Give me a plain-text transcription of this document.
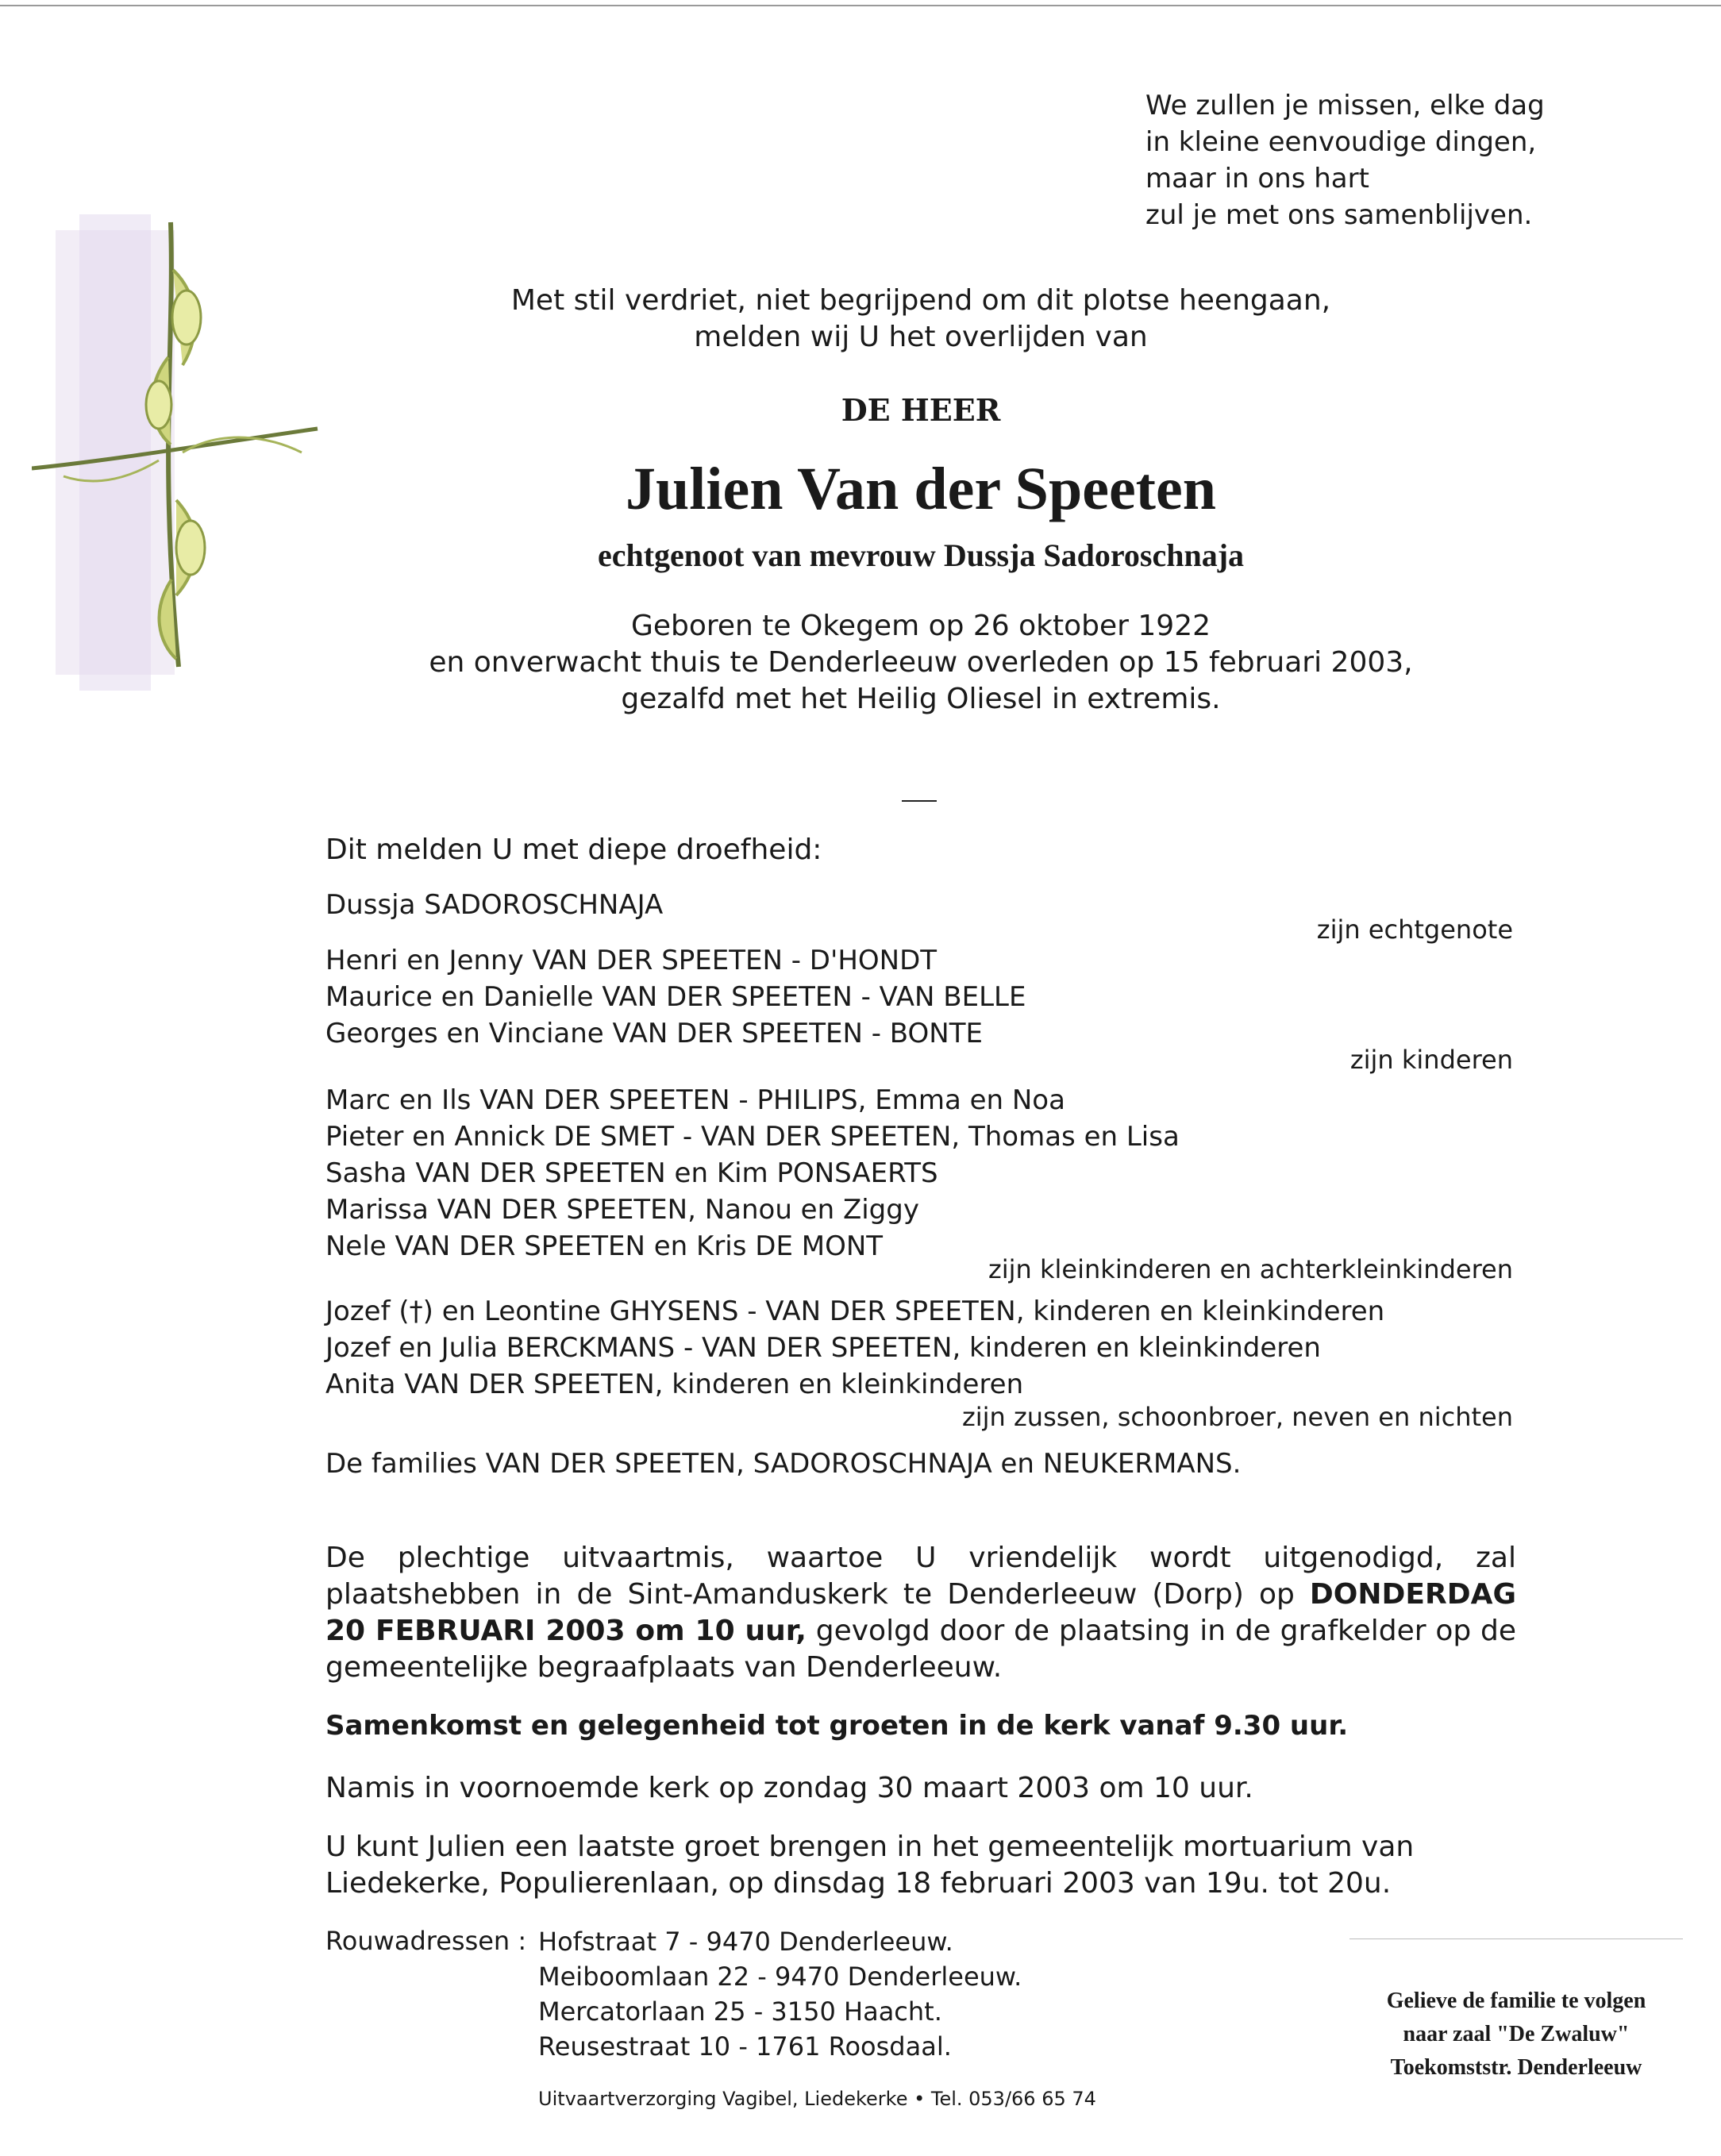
We zullen je missen, elke dag
in kleine eenvoudige dingen,
maar in ons hart
zul je met ons samenblijven.
Met stil verdriet, niet begrijpend om dit plotse heengaan,
melden wij U het overlijden van
DE HEER
Julien Van der Speeten
echtgenoot van mevrouw Dussja Sadoroschnaja
Geboren te Okegem op 26 oktober 1922
en onverwacht thuis te Denderleeuw overleden op 15 februari 2003,
gezalfd met het Heilig Oliesel in extremis.
Dit melden U met diepe droefheid:
Dussja SADOROSCHNAJA
zijn echtgenote
Henri en Jenny VAN DER SPEETEN - D'HONDT
Maurice en Danielle VAN DER SPEETEN - VAN BELLE
Georges en Vinciane VAN DER SPEETEN - BONTE
zijn kinderen
Marc en Ils VAN DER SPEETEN - PHILIPS, Emma en Noa
Pieter en Annick DE SMET - VAN DER SPEETEN, Thomas en Lisa
Sasha VAN DER SPEETEN en Kim PONSAERTS
Marissa VAN DER SPEETEN, Nanou en Ziggy
Nele VAN DER SPEETEN en Kris DE MONT
zijn kleinkinderen en achterkleinkinderen
Jozef (†) en Leontine GHYSENS - VAN DER SPEETEN, kinderen en kleinkinderen
Jozef en Julia BERCKMANS - VAN DER SPEETEN, kinderen en kleinkinderen
Anita VAN DER SPEETEN, kinderen en kleinkinderen
zijn zussen, schoonbroer, neven en nichten
De families VAN DER SPEETEN, SADOROSCHNAJA en NEUKERMANS.
De plechtige uitvaartmis, waartoe U vriendelijk wordt uitgenodigd, zal plaatshebben in de Sint-Amanduskerk te Denderleeuw (Dorp) op DONDERDAG 20 FEBRUARI 2003 om 10 uur, gevolgd door de plaatsing in de grafkelder op de gemeentelijke begraafplaats van Denderleeuw.
Samenkomst en gelegenheid tot groeten in de kerk vanaf 9.30 uur.
Namis in voornoemde kerk op zondag 30 maart 2003 om 10 uur.
U kunt Julien een laatste groet brengen in het gemeentelijk mortuarium van Liedekerke, Populierenlaan, op dinsdag 18 februari 2003 van 19u. tot 20u.
Rouwadressen : Hofstraat 7 - 9470 Denderleeuw.
Meiboomlaan 22 - 9470 Denderleeuw.
Mercatorlaan 25 - 3150 Haacht.
Reusestraat 10 - 1761 Roosdaal.
Uitvaartverzorging Vagibel, Liedekerke • Tel. 053/66 65 74
Gelieve de familie te volgen
naar zaal "De Zwaluw"
Toekomststr. Denderleeuw
